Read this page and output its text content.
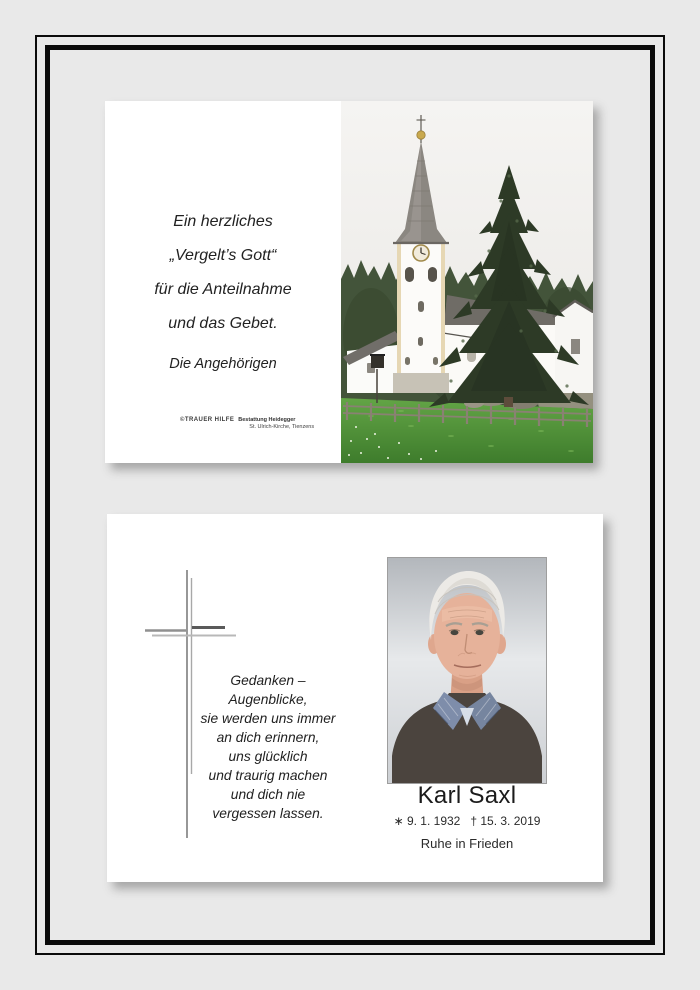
Ein herzliches
„Vergelt’s Gott“
für die Anteilnahme
und das Gebet.
Die Angehörigen
©TRAUER HILFE Bestattung Heidegger
St. Ulrich-Kirche, Tienzens
Gedanken –
Augenblicke,
sie werden uns immer
an dich erinnern,
uns glücklich
und traurig machen
und dich nie
vergessen lassen.
Karl Saxl
∗ 9. 1. 1932 † 15. 3. 2019
Ruhe in Frieden
